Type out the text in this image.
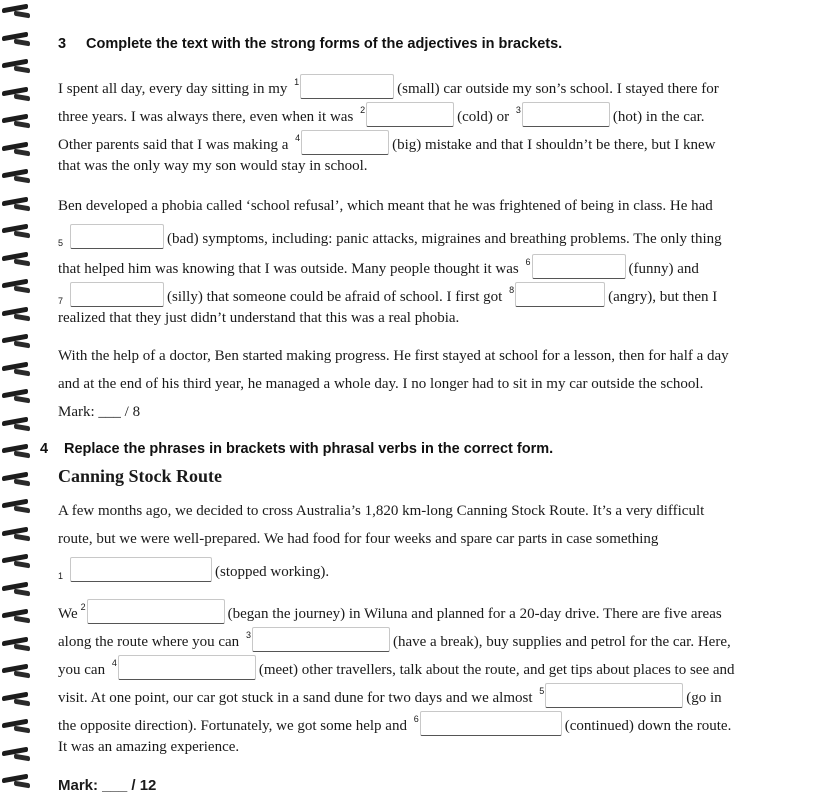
3 Complete the text with the strong forms of the adjectives in brackets.
I spent all day, every day sitting in my $^1$	(small) car outside my son’s school. I stayed there for
three years. I was always there, even when it was $^2$	(cold) or $^3$	(hot) in the car.
Other parents said that I was making a $^4$	(big) mistake and that I shouldn’t be there, but I knew
that was the only way my son would stay in school.
Ben developed a phobia called ‘school refusal’, which meant that he was frightened of being in class. He had
5	(bad) symptoms, including: panic attacks, migraines and breathing problems. The only thing
that helped him was knowing that I was outside. Many people thought it was $^6$	(funny) and
7	(silly) that someone could be afraid of school. I first got $^8$	(angry), but then I
realized that they just didn’t understand that this was a real phobia.
With the help of a doctor, Ben started making progress. He first stayed at school for a lesson, then for half a day
and at the end of his third year, he managed a whole day. I no longer had to sit in my car outside the school.
Mark: ___ / 8
4 Replace the phrases in brackets with phrasal verbs in the correct form.
Canning Stock Route
A few months ago, we decided to cross Australia’s 1,820 km-long Canning Stock Route. It’s a very difficult
route, but we were well-prepared. We had food for four weeks and spare car parts in case something
1	(stopped working).
We $^2$	(began the journey) in Wiluna and planned for a 20-day drive. There are five areas
along the route where you can $^3$	(have a break), buy supplies and petrol for the car. Here,
you can $^4$	(meet) other travellers, talk about the route, and get tips about places to see and
visit. At one point, our car got stuck in a sand dune for two days and we almost $^5$	(go in
the opposite direction). Fortunately, we got some help and $^6$	(continued) down the route.
It was an amazing experience.
Mark: ___ / 12
